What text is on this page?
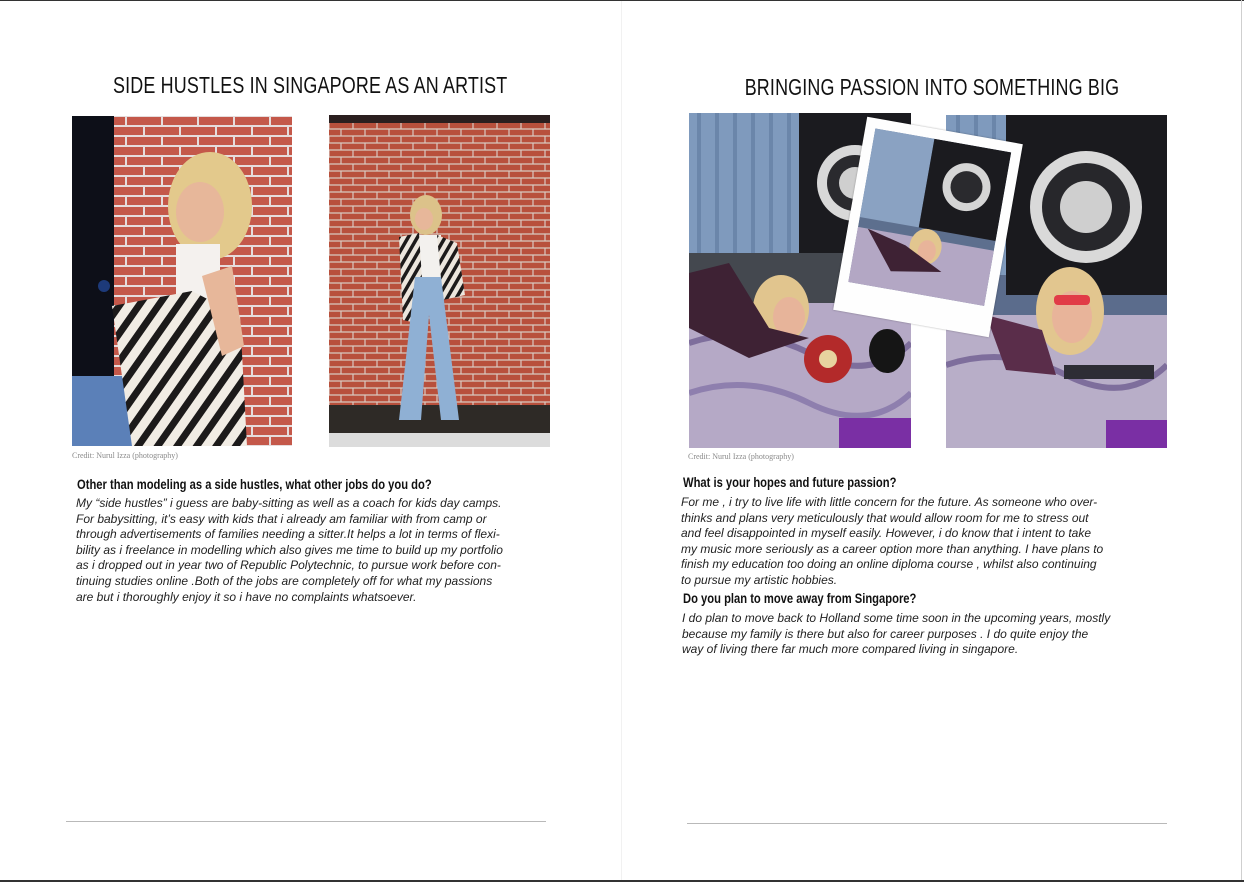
SIDE HUSTLES IN SINGAPORE AS AN ARTIST
Credit: Nurul Izza (photography)
Other than modeling as a side hustles, what other jobs do you do?

My “side hustles” i guess are baby-sitting as well as a coach for kids day camps.
For babysitting, it’s easy with kids that i already am familiar with from camp or
through advertisements of families needing a sitter.It helps a lot in terms of flexi-
bility as i freelance in modelling which also gives me time to build up my portfolio
as i dropped out in year two of Republic Polytechnic, to pursue work before con-
tinuing studies online .Both of the jobs are completely off for what my passions
are but i thoroughly enjoy it so i have no complaints whatsoever.

BRINGING PASSION INTO SOMETHING BIG
Credit: Nurul Izza (photography)
What is your hopes and future passion?

For me , i try to live life with little concern for the future. As someone who over-
thinks and plans very meticulously that would allow room for me to stress out
and feel disappointed in myself easily. However, i do know that i intent to take
my music more seriously as a career option more than anything. I have plans to
finish my education too doing an online diploma course , whilst also continuing
to pursue my artistic hobbies.

Do you plan to move away from Singapore?

I do plan to move back to Holland some time soon in the upcoming years, mostly
because my family is there but also for career purposes . I do quite enjoy the
way of living there far much more compared living in singapore.
